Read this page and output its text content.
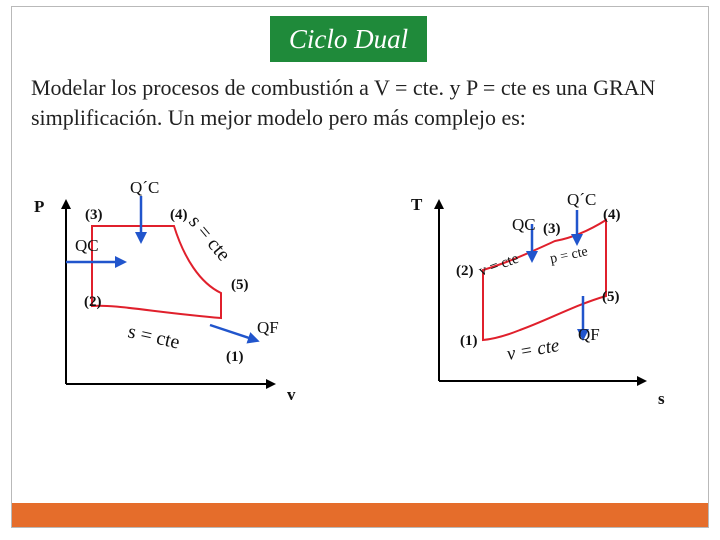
Ciclo Dual
Modelar los procesos de combustión a V = cte. y P = cte es una GRAN simplificación. Un mejor modelo pero más complejo es:
P
v
Q´C
QC
QF
(3)	(4)
(5)
(2)
(1)
s = cte
s = cte
T
s
Q´C
QC
QF
(3)
(4)
(2)
(5)
(1)
v = cte p = cte
v = cte
